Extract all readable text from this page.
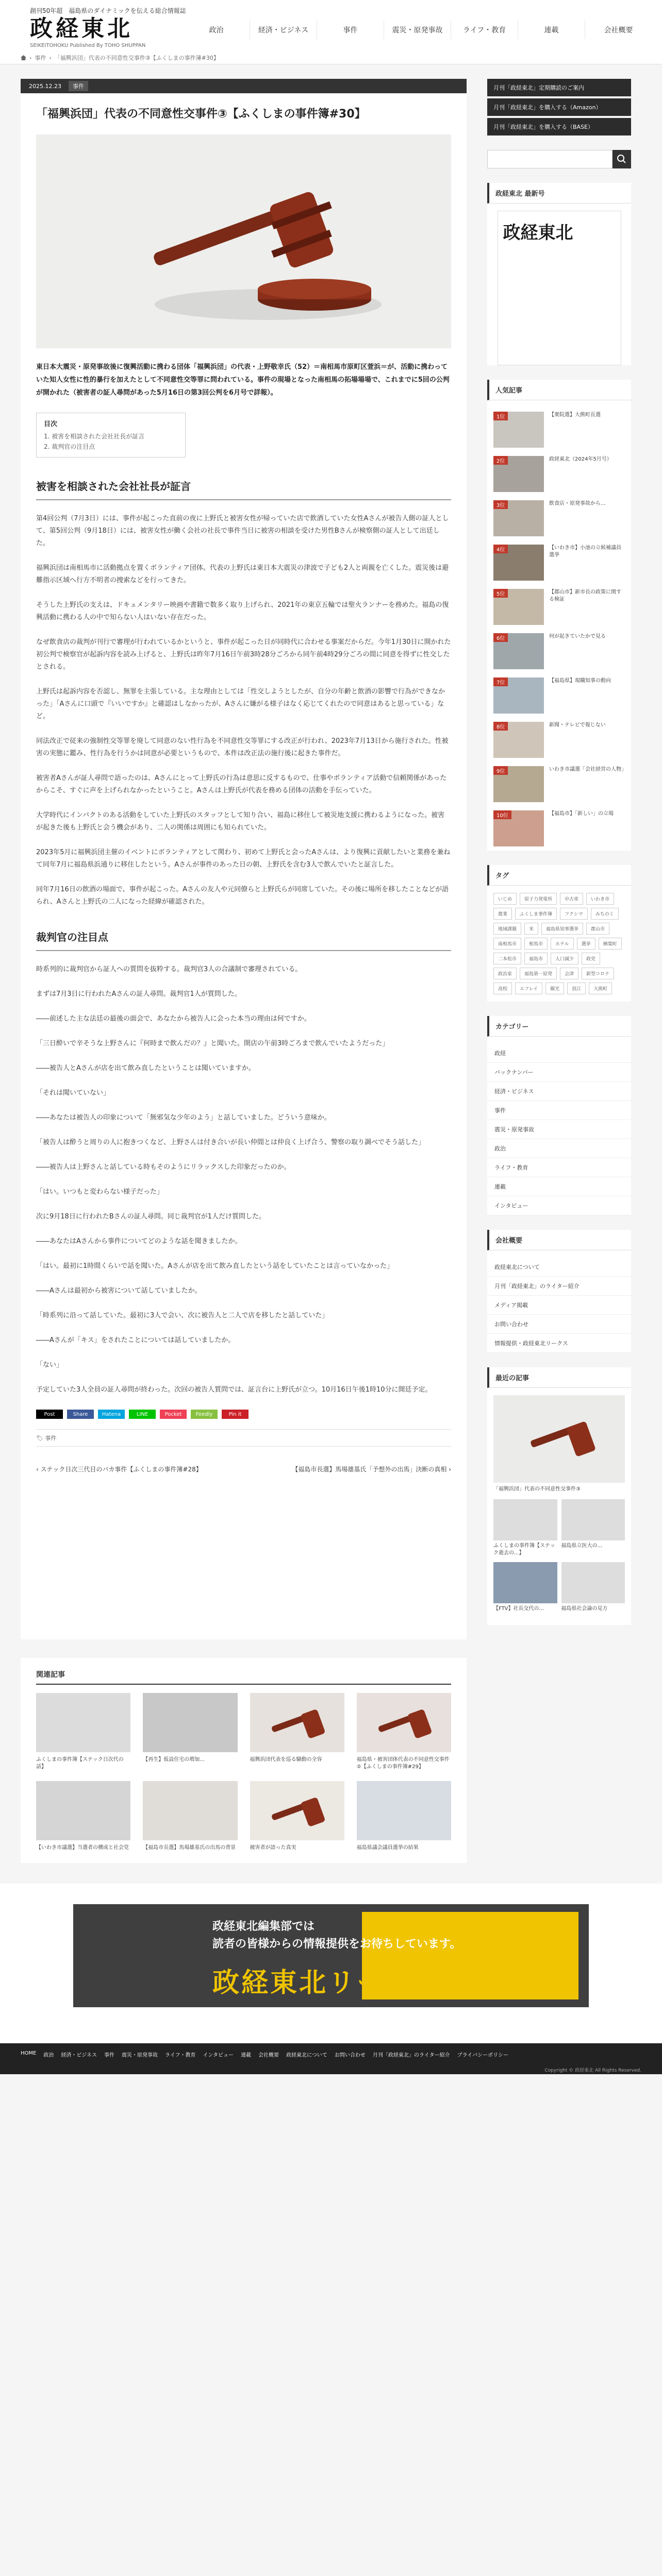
創刊50年超　福島県のダイナミックを伝える総合情報誌
政経東北
SEIKEITOHOKU Published By TOHO SHUPPAN
政治	経済・ビジネス	事件	震災・原発事故	ライフ・教育	連載	会社概要
› 事件 › 「福興浜団」代表の不同意性交事件③【ふくしまの事件簿#30】
2025.12.23	事件
「福興浜団」代表の不同意性交事件③【ふくしまの事件簿#30】

東日本大震災・原発事故後に復興活動に携わる団体「福興浜団」の代表・上野敬幸氏（52）＝南相馬市原町区萱浜＝が、活動に携わっていた知人女性に性的暴行を加えたとして不同意性交等罪に問われている。事件の現場となった南相馬の拓場場場で、これまでに5回の公判が開かれた（被害者の証人尋問があった5月16日の第3回公判を6月号で詳報）。

目次
1. 被害を相談された会社社長が証言
2. 裁判官の注目点
被害を相談された会社社長が証言

第4回公判（7月3日）には、事件が起こった直前の夜に上野氏と被害女性が帰っていた店で飲酒していた女性Aさんが被告人側の証人として、第5回公判（9月18日）には、被害女性が働く会社の社長で事件当日に被害の相談を受けた男性Bさんが検察側の証人として出廷した。

福興浜団は南相馬市に活動拠点を置くボランティア団体。代表の上野氏は東日本大震災の津波で子ども2人と両親を亡くした。震災後は避難指示区域へ行方不明者の捜索などを行ってきた。

そうした上野氏の支えは、ドキュメンタリー映画や書籍で数多く取り上げられ、2021年の東京五輪では聖火ランナーを務めた。福島の復興活動に携わる人の中で知らない人はいない存在だった。

なぜ飲食店の裁判が刊行で審理が行われているかというと、事件が起こった日が同時代に合わせる事案だからだ。今年1月30日に開かれた初公判で検察官が起訴内容を読み上げると、上野氏は昨年7月16日午前3時28分ごろから同午前4時29分ごろの間に同意を得ずに性交したとされる。

上野氏は起訴内容を否認し、無罪を主張している。主な理由としては「性交しようとしたが、自分の年齢と飲酒の影響で行為ができなかった」「Aさんに口頭で『いいですか』と確認はしなかったが、Aさんに嫌がる様子はなく応じてくれたので同意はあると思っている」など。

同法改正で従来の強制性交等罪を廃して同意のない性行為を不同意性交等罪にする改正が行われ、2023年7月13日から施行された。性被害の実態に鑑み、性行為を行うかは同意が必要というもので、本件は改正法の施行後に起きた事件だ。

被害者Aさんが証人尋問で語ったのは、Aさんにとって上野氏の行為は意思に反するもので、仕事やボランティア活動で信頼関係があったからこそ、すぐに声を上げられなかったということ。Aさんは上野氏が代表を務める団体の活動を手伝っていた。

大学時代にインパクトのある活動をしていた上野氏のスタッフとして知り合い、福島に移住して被災地支援に携わるようになった。被害が起きた後も上野氏と会う機会があり、二人の関係は周囲にも知られていた。

2023年5月に福興浜団主催のイベントにボランティアとして関わり、初めて上野氏と会ったAさんは、より復興に貢献したいと業務を兼ねて同年7月に福島県浜通りに移住したという。Aさんが事件のあった日の朝、上野氏を含む3人で飲んでいたと証言した。

同年7月16日の飲酒の場面で、事件が起こった。Aさんの友人や元同僚らと上野氏らが同席していた。その後に場所を移したことなどが語られ、Aさんと上野氏の二人になった経緯が確認された。

裁判官の注目点

時系列的に裁判官から証人への質問を抜粋する。裁判官3人の合議制で審理されている。

まずは7月3日に行われたAさんの証人尋問。裁判官1人が質問した。

――前述した主な法廷の最後の面会で、あなたから被告人に会った本当の理由は何ですか。

「三日酔いで辛そうな上野さんに『何時まで飲んだの？』と聞いた。開店の午前3時ごろまで飲んでいたようだった」

――被告人とAさんが店を出て飲み直したということは聞いていますか。

「それは聞いていない」

――あなたは被告人の印象について「無邪気な少年のよう」と話していました。どういう意味か。

「被告人は酔うと周りの人に抱きつくなど、上野さんは付き合いが長い仲間とは仲良く上げ合う、警察の取り調べでそう話した」

――被告人は上野さんと話している時もそのようにリラックスした印象だったのか。

「はい。いつもと変わらない様子だった」

次に9月18日に行われたBさんの証人尋問。同じ裁判官が1人だけ質問した。

――あなたはAさんから事件についてどのような話を聞きましたか。

「はい。最初に1時間くらいで話を聞いた。Aさんが店を出て飲み直したという話をしていたことは言っていなかった」

――Aさんは最初から被害について話していましたか。

「時系列に沿って話していた。最初に3人で会い、次に被告人と二人で店を移したと話していた」

――Aさんが「キス」をされたことについては話していましたか。

「ない」

予定していた3人全員の証人尋問が終わった。次回の被告人質問では、証言台に上野氏が立つ。10月16日午後1時10分に開廷予定。

Post	Share	Hatena	LINE	Pocket	Feedly	Pin it
🏷 事件
‹ ステック日次三代目のバカ事件【ふくしまの事件簿#28】	【福島市長選】馬場雄基氏「予想外の出馬」決断の真相 ›
月刊「政経東北」定期購読のご案内
月刊「政経東北」を購入する（Amazon）
月刊「政経東北」を購入する（BASE）
政経東北 最新号
政経東北
人気記事
1位	【衆院選】大熊町長選
2位	政経東北（2024年5月号）
3位	飲食店・原発事故から...
4位	【いわき市】小池の立候補議員選挙
5位	【郡山市】新市長の政策に関する検証
6位	何が起きていたかで見る
7位	【福島県】現職知事の動向
8位	新聞・テレビで報じない
9位	いわき市議選「会社経営の人物」
10位	【福島市】「新しい」の立場
タグ
いじめ	原子力発電所	中古車	いわき市
農業	ふくしま事件簿	フクシマ	みちのく
地域課題	米	福島県知事選挙	郡山市
南相馬市	相馬市	ホテル	選挙	楢葉町
二本松市	福島市	人口減少	政党
政治家	福島第一原発	会津	新型コロナ
高校	エフレイ	観光	浪江	大熊町
カテゴリー
政経
バックナンバー
経済・ビジネス
事件
震災・原発事故
政治
ライフ・教育
連載
インタビュー
会社概要
政経東北について
月刊「政経東北」のライター紹介
メディア掲載
お問い合わせ
情報提供・政経東北リークス
最近の記事
「福興浜団」代表の不同意性交事件③
ふくしまの事件簿【ステック逝去の...】
福島県立医大の...
【FTV】社長交代の...	福島県社会論の見方
関連記事
ふくしまの事件簿【ステック日次代の話】
【再生】仮設住宅の増加...	福興浜団代表を巡る騒動の全容	福島県・被害団体代表の不同意性交事件②【ふくしまの事件簿#29】
【いわき市議選】当選者の構成と社会党	【福島市長選】馬場雄基氏の出馬の背景	被害者が語った真実	福島県議会議員選挙の結果
政経東北編集部では
読者の皆様からの情報提供をお待ちしています。
政経東北リークス
HOME 政治 経済・ビジネス 事件 震災・原発事故 ライフ・教育 インタビュー 連載 会社概要 政経東北について お問い合わせ 月刊「政経東北」のライター紹介 プライバシーポリシー
Copyright © 政経東北 All Rights Reserved.
